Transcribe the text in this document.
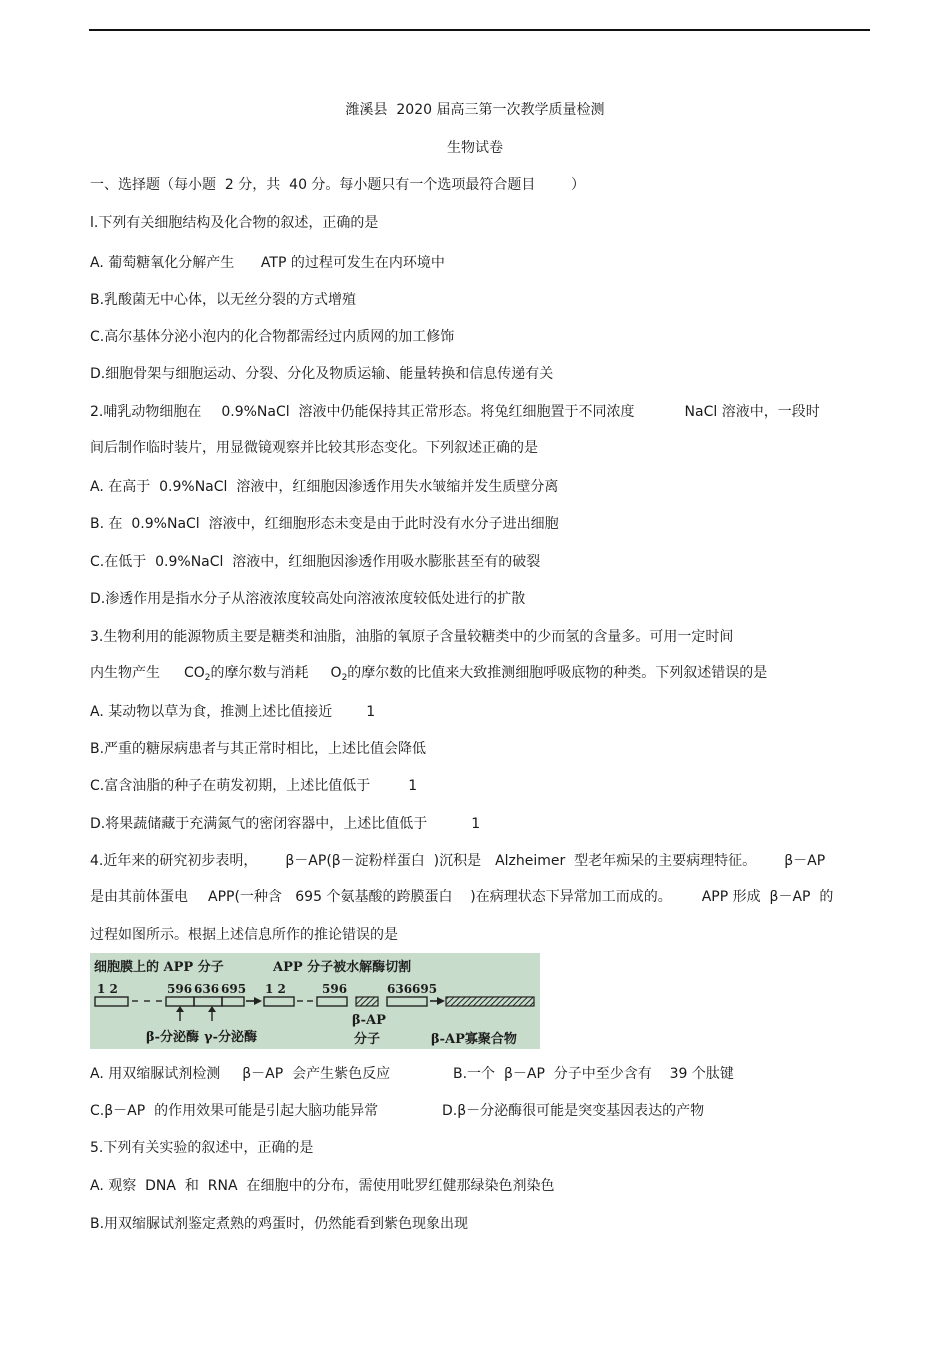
潍溪县  2020 届高三第一次教学质量检测
生物试卷
一、选择题（每小题  2 分，共  40 分。每小题只有一个选项最符合题目        ）
l.下列有关细胞结构及化合物的叙述，正确的是
A. 葡萄糖氧化分解产生      ATP 的过程可发生在内环境中
B.乳酸菌无中心体，以无丝分裂的方式增殖
C.高尔基体分泌小泡内的化合物都需经过内质网的加工修饰
D.细胞骨架与细胞运动、分裂、分化及物质运输、能量转换和信息传递有关
2.哺乳动物细胞在 0.9%NaCl  溶液中仍能保持其正常形态。将兔红细胞置于不同浓度	NaCl 溶液中，一段时
间后制作临时装片，用显微镜观察并比较其形态变化。下列叙述正确的是
A. 在高于  0.9%NaCl  溶液中，红细胞因渗透作用失水皱缩并发生质壁分离
B. 在  0.9%NaCl  溶液中，红细胞形态未变是由于此时没有水分子进出细胞
C.在低于  0.9%NaCl  溶液中，红细胞因渗透作用吸水膨胀甚至有的破裂
D.渗透作用是指水分子从溶液浓度较高处向溶液浓度较低处进行的扩散
3.生物利用的能源物质主要是糖类和油脂，油脂的氧原子含量较糖类中的少而氢的含量多。可用一定时间
内生物产生 $CO_2$的摩尔数与消耗 $O_2$的摩尔数的比值来大致推测细胞呼吸底物的种类。下列叙述错误的是
A. 某动物以草为食，推测上述比值接近 1
B.严重的糖尿病患者与其正常时相比，上述比值会降低
C.富含油脂的种子在萌发初期，上述比值低于	1
D.将果蔬储藏于充满氮气的密闭容器中，上述比值低于	1
4.近年来的研究初步表明， β－AP(β－淀粉样蛋白  )沉积是 Alzheimer  型老年痴呆的主要病理特征。 β－AP
是由其前体蛋电 APP(一种含   695 个氨基酸的跨膜蛋白    )在病理状态下异常加工而成的。 APP 形成  β－AP  的
过程如图所示。根据上述信息所作的推论错误的是
细胞膜上的 APP 分子	APP 分子被水解酶切割
1 2	596 636 695
β-分泌酶 γ-分泌酶
1 2	596
β-AP
分子
636695
β-AP寡聚合物
A. 用双缩脲试剂检测 β－AP  会产生紫色反应	B.一个  β－AP  分子中至少含有    39 个肽键
C.β－AP  的作用效果可能是引起大脑功能异常	D.β－分泌酶很可能是突变基因表达的产物
5.下列有关实验的叙述中，正确的是
A. 观察  DNA  和  RNA  在细胞中的分布，需使用吡罗红健那绿染色剂染色
B.用双缩脲试剂鉴定煮熟的鸡蛋时，仍然能看到紫色现象出现
